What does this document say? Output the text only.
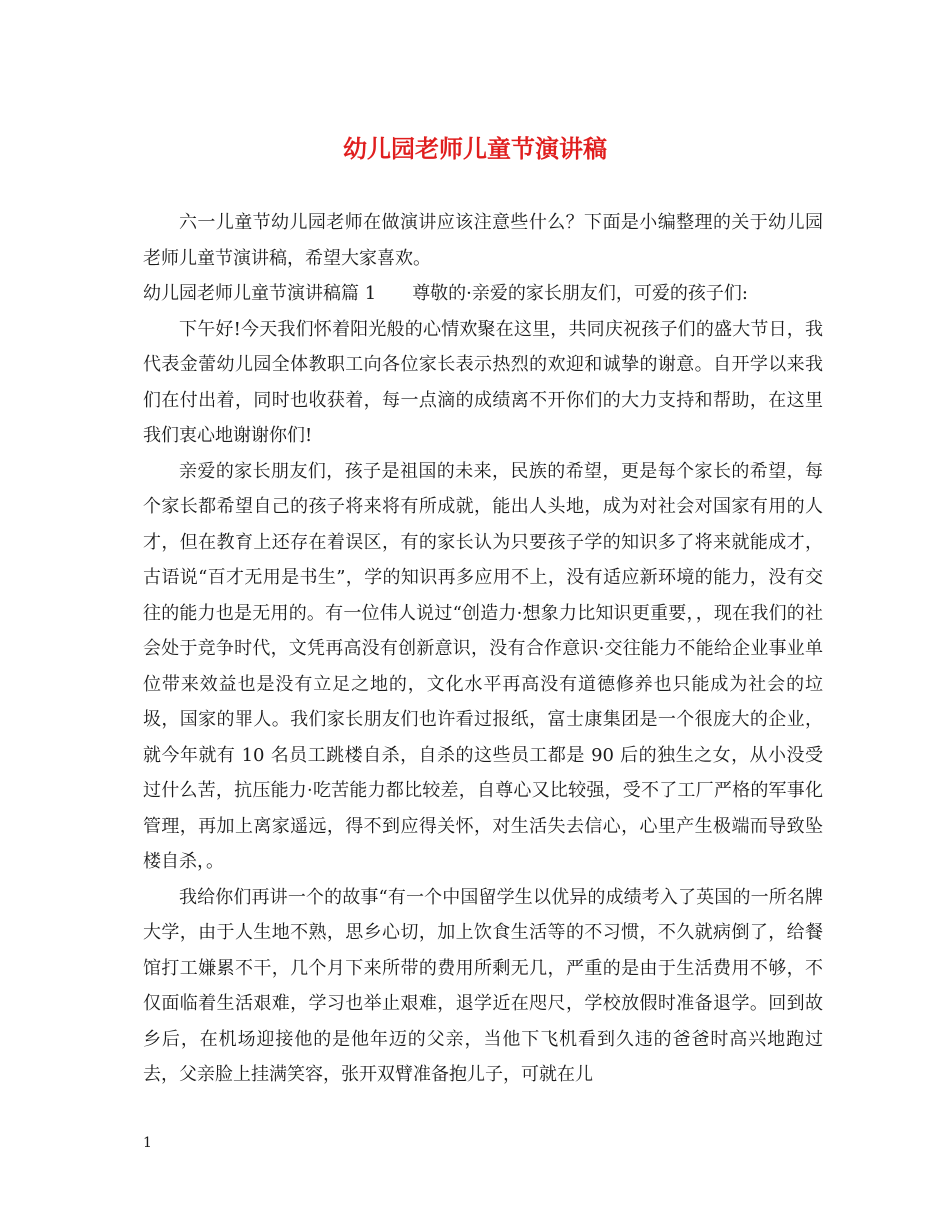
幼儿园老师儿童节演讲稿

六一儿童节幼儿园老师在做演讲应该注意些什么？下面是小编整理的关于幼儿园老师儿童节演讲稿，希望大家喜欢。

幼儿园老师儿童节演讲稿篇 1 尊敬的·亲爱的家长朋友们，可爱的孩子们:

下午好!今天我们怀着阳光般的心情欢聚在这里，共同庆祝孩子们的盛大节日，我代表金蕾幼儿园全体教职工向各位家长表示热烈的欢迎和诚挚的谢意。自开学以来我们在付出着，同时也收获着，每一点滴的成绩离不开你们的大力支持和帮助，在这里我们衷心地谢谢你们!

亲爱的家长朋友们，孩子是祖国的未来，民族的希望，更是每个家长的希望，每个家长都希望自己的孩子将来将有所成就，能出人头地，成为对社会对国家有用的人才，但在教育上还存在着误区，有的家长认为只要孩子学的知识多了将来就能成才，古语说“百才无用是书生”，学的知识再多应用不上，没有适应新环境的能力，没有交往的能力也是无用的。有一位伟人说过“创造力·想象力比知识更重要，，现在我们的社会处于竞争时代，文凭再高没有创新意识，没有合作意识·交往能力不能给企业事业单位带来效益也是没有立足之地的，文化水平再高没有道德修养也只能成为社会的垃圾，国家的罪人。我们家长朋友们也许看过报纸，富士康集团是一个很庞大的企业，就今年就有 10 名员工跳楼自杀，自杀的这些员工都是 90 后的独生之女，从小没受过什么苦，抗压能力·吃苦能力都比较差，自尊心又比较强，受不了工厂严格的军事化管理，再加上离家遥远，得不到应得关怀，对生活失去信心，心里产生极端而导致坠楼自杀，。

我给你们再讲一个的故事“有一个中国留学生以优异的成绩考入了英国的一所名牌大学，由于人生地不熟，思乡心切，加上饮食生活等的不习惯，不久就病倒了，给餐馆打工嫌累不干，几个月下来所带的费用所剩无几，严重的是由于生活费用不够，不仅面临着生活艰难，学习也举止艰难，退学近在咫尺，学校放假时准备退学。回到故乡后，在机场迎接他的是他年迈的父亲，当他下飞机看到久违的爸爸时高兴地跑过去，父亲脸上挂满笑容，张开双臂准备抱儿子，可就在儿

1
